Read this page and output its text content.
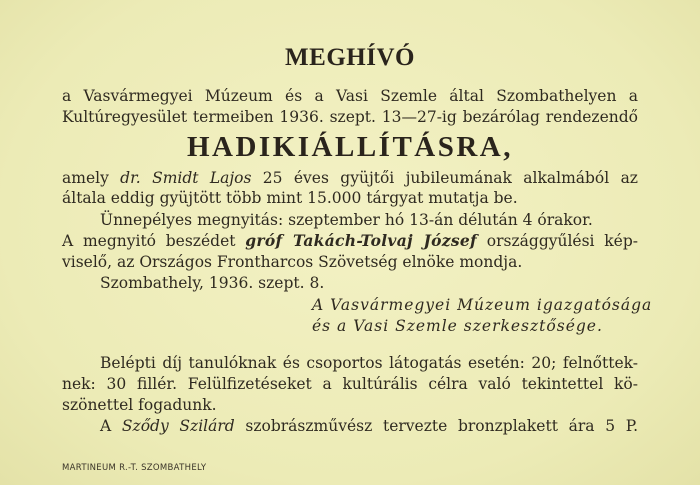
MEGHÍVÓ
a Vasvármegyei Múzeum és a Vasi Szemle által Szombathelyen a
Kultúregyesület termeiben 1936. szept. 13—27-ig bezárólag rendezendő
HADIKIÁLLÍTÁSRA,
amely dr. Smidt Lajos 25 éves gyüjtői jubileumának alkalmából az
általa eddig gyüjtött több mint 15.000 tárgyat mutatja be.
Ünnepélyes megnyitás: szeptember hó 13-án délután 4 órakor.
A megnyitó beszédet gróf Takách-Tolvaj József országgyűlési kép-
viselő, az Országos Frontharcos Szövetség elnöke mondja.
Szombathely, 1936. szept. 8.
A Vasvármegyei Múzeum igazgatósága
és a Vasi Szemle szerkesztősége.
Belépti díj tanulóknak és csoportos látogatás esetén: 20; felnőttek-
nek: 30 fillér. Felülfizetéseket a kultúrális célra való tekintettel kö-
szönettel fogadunk.
A Sződy Szilárd szobrászművész tervezte bronzplakett ára 5 P.
MARTINEUM R.-T. SZOMBATHELY
